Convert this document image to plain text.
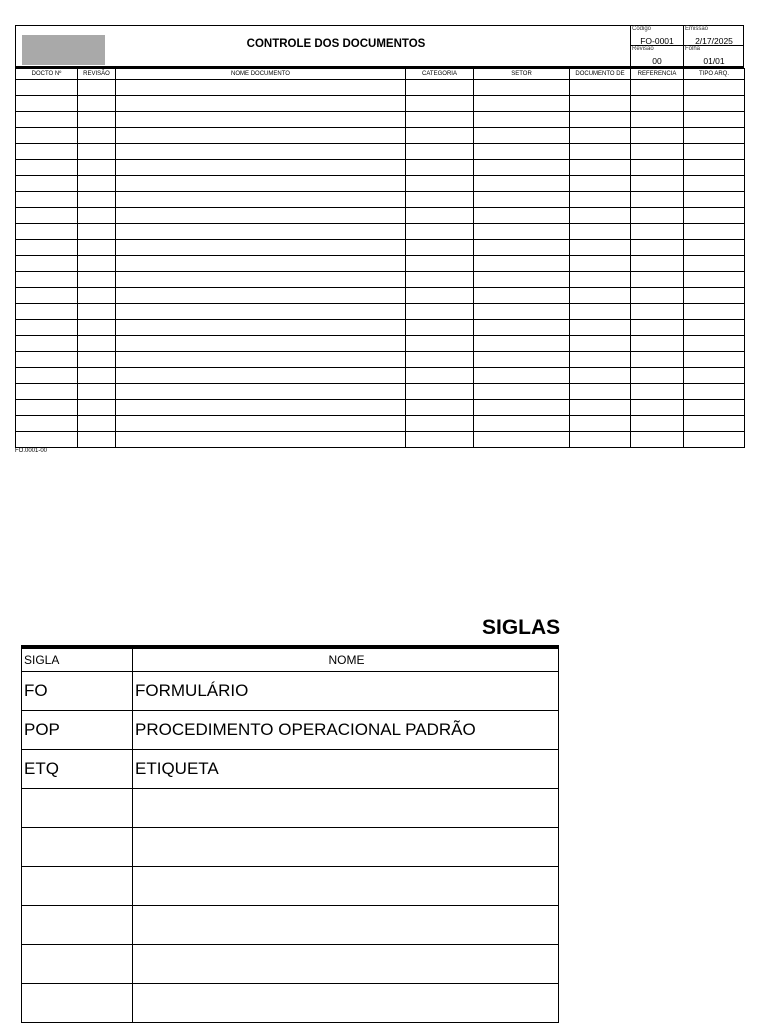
CONTROLE DOS DOCUMENTOS
Código
FO-0001
Emissão
2/17/2025
Revisão
00
Folha
01/01
DOCTO Nº	REVISÃO	NOME DOCUMENTO	CATEGORIA	SETOR	DOCUMENTO DE	REFERENCIA	TIPO ARQ.

FO.0001-00
SIGLAS
SIGLA	NOME
FO	FORMULÁRIO
POP	PROCEDIMENTO OPERACIONAL PADRÃO
ETQ	ETIQUETA
